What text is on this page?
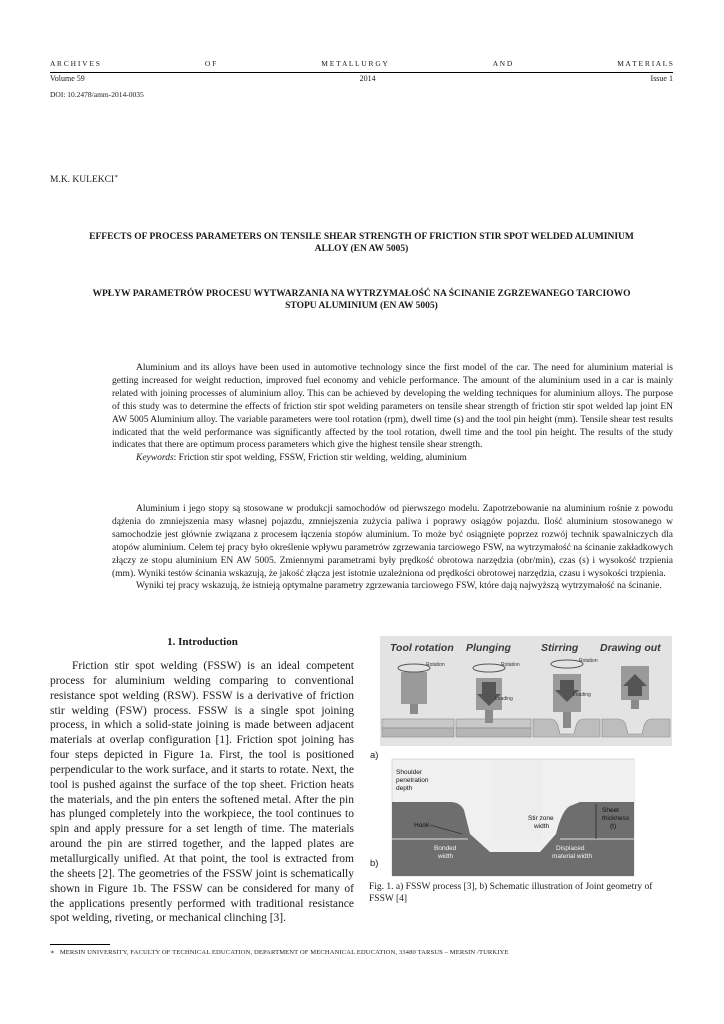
A R C H I V E S	O F	M E T A L L U R G Y	A N D	M A T E R I A L S
Volume 59	2014	Issue 1
DOI: 10.2478/amm-2014-0035
M.K. KULEKCI∗
EFFECTS OF PROCESS PARAMETERS ON TENSILE SHEAR STRENGTH OF FRICTION STIR SPOT WELDED ALUMINIUM
ALLOY (EN AW 5005)
WPŁYW PARAMETRÓW PROCESU WYTWARZANIA NA WYTRZYMAŁOŚĆ NA ŚCINANIE ZGRZEWANEGO TARCIOWO
STOPU ALUMINIUM (EN AW 5005)

Aluminium and its alloys have been used in automotive technology since the first model of the car. The need for aluminium material is getting increased for weight reduction, improved fuel economy and vehicle performance. The amount of the aluminium used in a car is mainly related with joining processes of aluminium alloy. This can be achieved by developing the welding techniques for aluminium alloys. The purpose of this study was to determine the effects of friction stir spot welding parameters on tensile shear strength of friction stir spot welded lap joint EN AW 5005 Aluminium alloy. The variable parameters were tool rotation (rpm), dwell time (s) and the tool pin height (mm). Tensile shear test results indicated that the weld performance was significantly affected by the tool rotation, dwell time and the tool pin height. The results of the study indicates that there are optimum process parameters which give the highest tensile shear strength.

Keywords: Friction stir spot welding, FSSW, Friction stir welding, welding, aluminium

Aluminium i jego stopy są stosowane w produkcji samochodów od pierwszego modelu. Zapotrzebowanie na aluminium rośnie z powodu dążenia do zmniejszenia masy własnej pojazdu, zmniejszenia zużycia paliwa i poprawy osiągów pojazdu. Ilość aluminium stosowanego w samochodzie jest głównie związana z procesem łączenia stopów aluminium. To może być osiągnięte poprzez rozwój technik spawalniczych dla atopów aluminium. Celem tej pracy było określenie wpływu parametrów zgrzewania tarciowego FSW, na wytrzymałość na ścinanie zakładkowych złączy ze stopu aluminium EN AW 5005. Zmiennymi parametrami były prędkość obrotowa narzędzia (obr/min), czas (s) i wysokość trzpienia (mm). Wyniki testów ścinania wskazują, że jakość złącza jest istotnie uzależniona od prędkości obrotowej narzędzia, czasu i wysokości trzpienia.

Wyniki tej pracy wskazują, że istnieją optymalne parametry zgrzewania tarciowego FSW, które dają najwyższą wytrzymałość na ścinanie.

1. Introduction

Friction stir spot welding (FSSW) is an ideal competent process for aluminium welding comparing to conventional resistance spot welding (RSW). FSSW is a derivative of friction stir welding (FSW) process. FSSW is a single spot joining process, in which a solid-state joining is made between adjacent materials at overlap configuration [1]. Friction spot joining has four steps depicted in Figure 1a. First, the tool is positioned perpendicular to the work surface, and it starts to rotate. Next, the tool is pushed against the surface of the top sheet. Friction heats the materials, and the pin enters the softened metal. After the pin has plunged completely into the workpiece, the tool continues to spin and apply pressure for a set length of time. The materials around the pin are stirred together, and the lapped plates are metallurgically unified. At that point, the tool is extracted from the sheets [2]. The geometries of the FSSW joint is schematically shown in Figure 1b. The FSSW can be considered for many of the applications presently performed with traditional resistance spot welding, riveting, or mechanical clinching [3].

Tool rotation Plunging	Stirring Drawing out
Rotation	Rotation
Loading
Rotation
Loading
a)
b)
Shoulder
penetration
depth
Hook
Stir zone
width
Sheet
thickness
(t)
Bonded
width
Displaced
material width
Fig. 1. a) FSSW process [3], b) Schematic illustration of Joint geometry of FSSW [4]
∗ MERSIN UNIVERSITY, FACULTY OF TECHNICAL EDUCATION, DEPARTMENT OF MECHANICAL EDUCATION, 33480 TARSUS – MERSIN /TURKIYE
